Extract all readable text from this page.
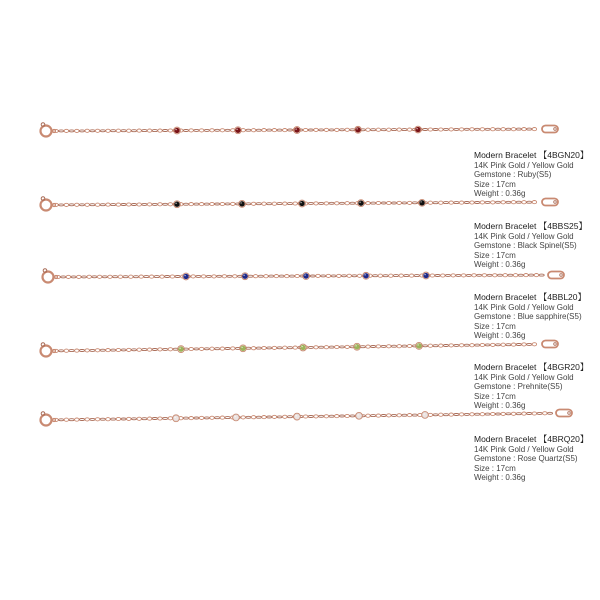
Modern Bracelet 【4BGN20】
14K Pink Gold / Yellow Gold
Gemstone : Ruby(S5)
Size : 17cm
Weight : 0.36g
Modern Bracelet 【4BBS25】
14K Pink Gold / Yellow Gold
Gemstone : Black Spinel(S5)
Size : 17cm
Weight : 0.36g
Modern Bracelet 【4BBL20】
14K Pink Gold / Yellow Gold
Gemstone : Blue sapphire(S5)
Size : 17cm
Weight : 0.36g
Modern Bracelet 【4BGR20】
14K Pink Gold / Yellow Gold
Gemstone : Prehnite(S5)
Size : 17cm
Weight : 0.36g
Modern Bracelet 【4BRQ20】
14K Pink Gold / Yellow Gold
Gemstone : Rose Quartz(S5)
Size : 17cm
Weight : 0.36g
